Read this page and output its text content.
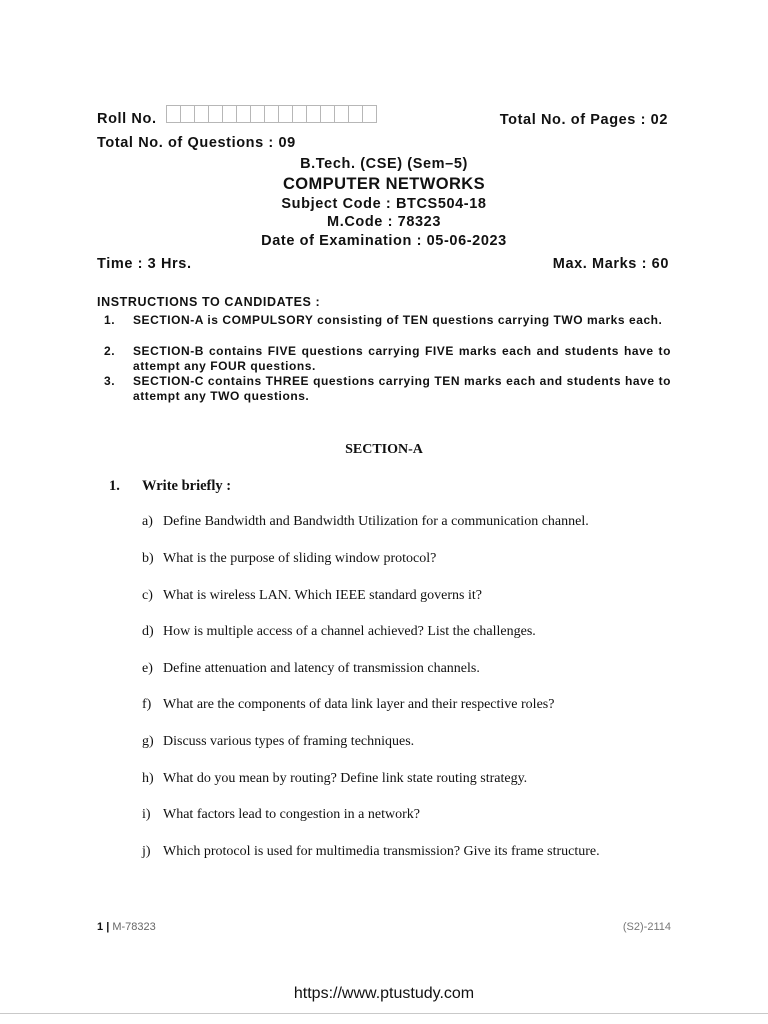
Roll No.	Total No. of Pages : 02
Total No. of Questions : 09
B.Tech. (CSE) (Sem–5)
COMPUTER NETWORKS
Subject Code : BTCS504-18
M.Code : 78323
Date of Examination : 05-06-2023
Time : 3 Hrs.	Max. Marks : 60
INSTRUCTIONS TO CANDIDATES :
1. SECTION-A is COMPULSORY consisting of TEN questions carrying TWO marks each.
2. SECTION-B contains FIVE questions carrying FIVE marks each and students have to attempt any FOUR questions.
3. SECTION-C contains THREE questions carrying TEN marks each and students have to attempt any TWO questions.
SECTION-A
1. Write briefly :
a) Define Bandwidth and Bandwidth Utilization for a communication channel.
b) What is the purpose of sliding window protocol?
c) What is wireless LAN. Which IEEE standard governs it?
d) How is multiple access of a channel achieved? List the challenges.
e) Define attenuation and latency of transmission channels.
f) What are the components of data link layer and their respective roles?
g) Discuss various types of framing techniques.
h) What do you mean by routing? Define link state routing strategy.
i) What factors lead to congestion in a network?
j) Which protocol is used for multimedia transmission? Give its frame structure.
1 | M-78323	(S2)-2114
https://www.ptustudy.com
